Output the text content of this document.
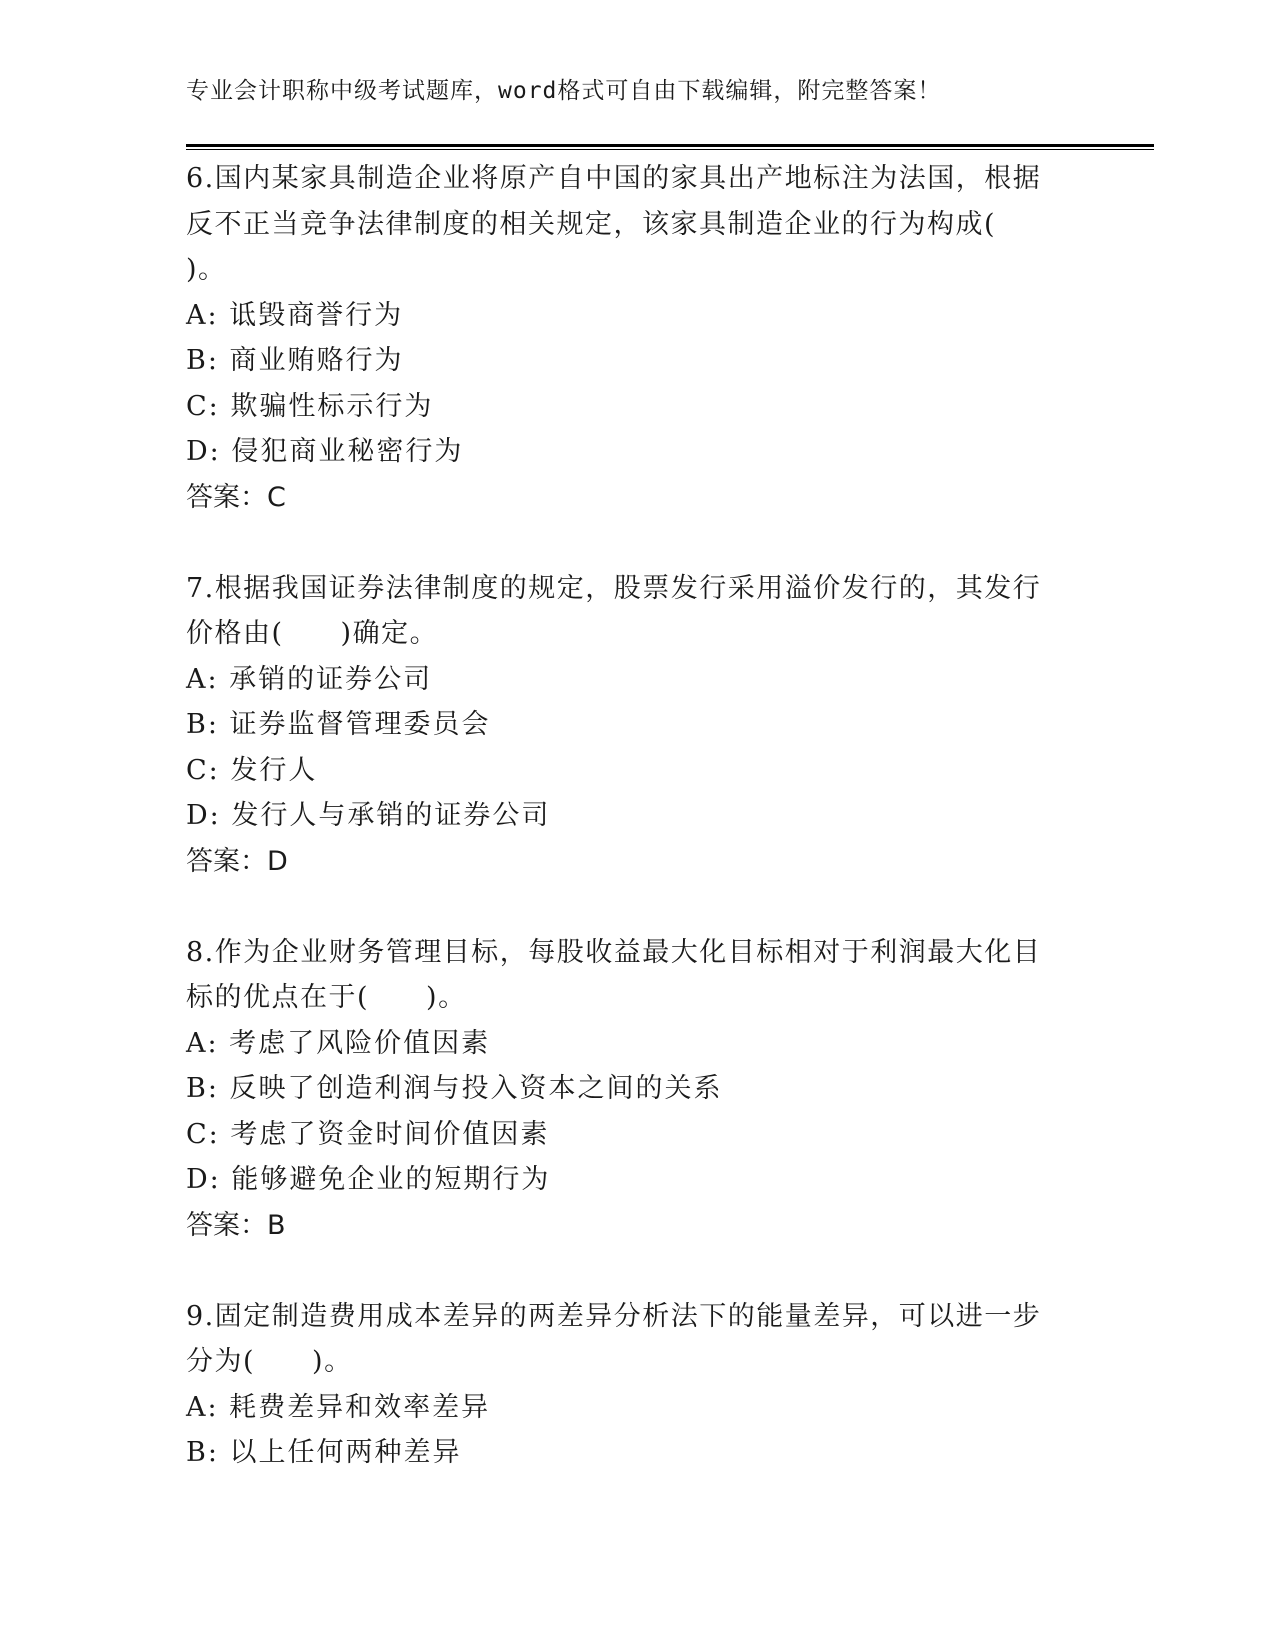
专业会计职称中级考试题库，word格式可自由下载编辑，附完整答案！
6.国内某家具制造企业将原产自中国的家具出产地标注为法国，根据
反不正当竞争法律制度的相关规定，该家具制造企业的行为构成(
)。
A: 诋毁商誉行为
B: 商业贿赂行为
C: 欺骗性标示行为
D: 侵犯商业秘密行为
答案：C
7.根据我国证券法律制度的规定，股票发行采用溢价发行的，其发行
价格由(　　)确定。
A: 承销的证券公司
B: 证券监督管理委员会
C: 发行人
D: 发行人与承销的证券公司
答案：D
8.作为企业财务管理目标，每股收益最大化目标相对于利润最大化目
标的优点在于(　　)。
A: 考虑了风险价值因素
B: 反映了创造利润与投入资本之间的关系
C: 考虑了资金时间价值因素
D: 能够避免企业的短期行为
答案：B
9.固定制造费用成本差异的两差异分析法下的能量差异，可以进一步
分为(　　)。
A: 耗费差异和效率差异
B: 以上任何两种差异
